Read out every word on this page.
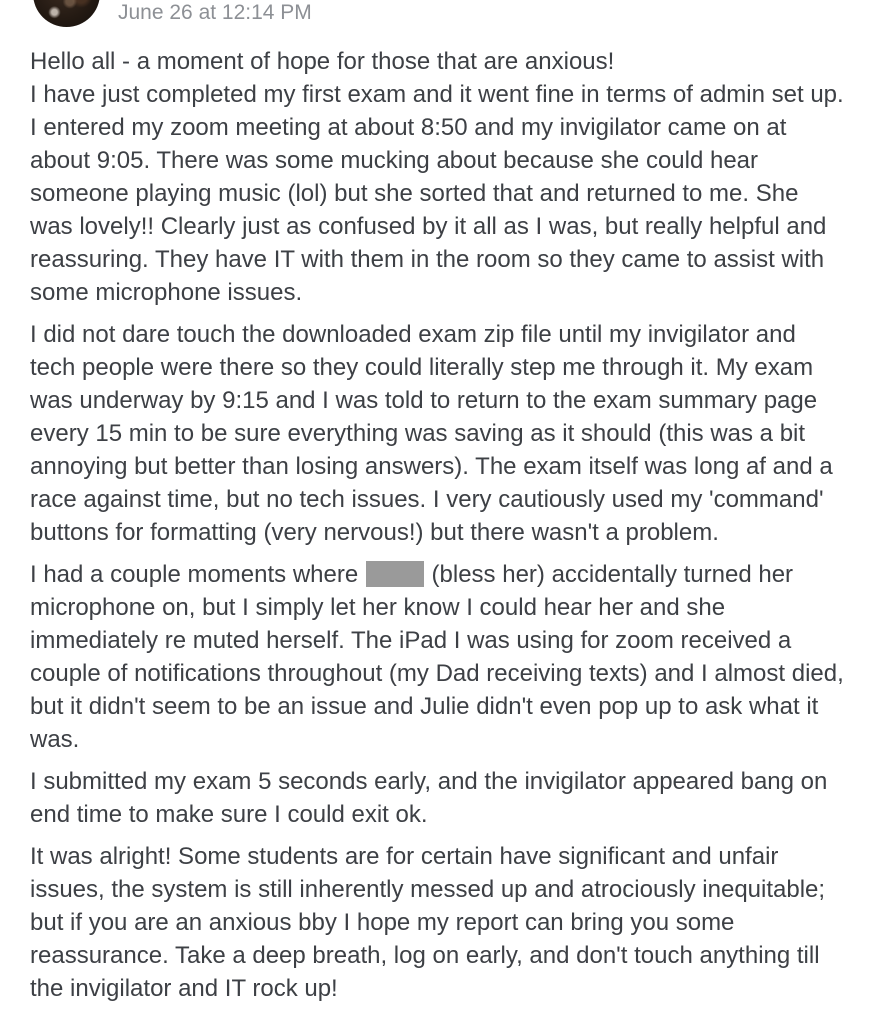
June 26 at 12:14 PM
Hello all - a moment of hope for those that are anxious!
I have just completed my first exam and it went fine in terms of admin set up.
I entered my zoom meeting at about 8:50 and my invigilator came on at
about 9:05. There was some mucking about because she could hear
someone playing music (lol) but she sorted that and returned to me. She
was lovely!! Clearly just as confused by it all as I was, but really helpful and
reassuring. They have IT with them in the room so they came to assist with
some microphone issues.
I did not dare touch the downloaded exam zip file until my invigilator and
tech people were there so they could literally step me through it. My exam
was underway by 9:15 and I was told to return to the exam summary page
every 15 min to be sure everything was saving as it should (this was a bit
annoying but better than losing answers). The exam itself was long af and a
race against time, but no tech issues. I very cautiously used my 'command'
buttons for formatting (very nervous!) but there wasn't a problem.
I had a couple moments where	(bless her) accidentally turned her
microphone on, but I simply let her know I could hear her and she
immediately re muted herself. The iPad I was using for zoom received a
couple of notifications throughout (my Dad receiving texts) and I almost died,
but it didn't seem to be an issue and Julie didn't even pop up to ask what it
was.
I submitted my exam 5 seconds early, and the invigilator appeared bang on
end time to make sure I could exit ok.
It was alright! Some students are for certain have significant and unfair
issues, the system is still inherently messed up and atrociously inequitable;
but if you are an anxious bby I hope my report can bring you some
reassurance. Take a deep breath, log on early, and don't touch anything till
the invigilator and IT rock up!
